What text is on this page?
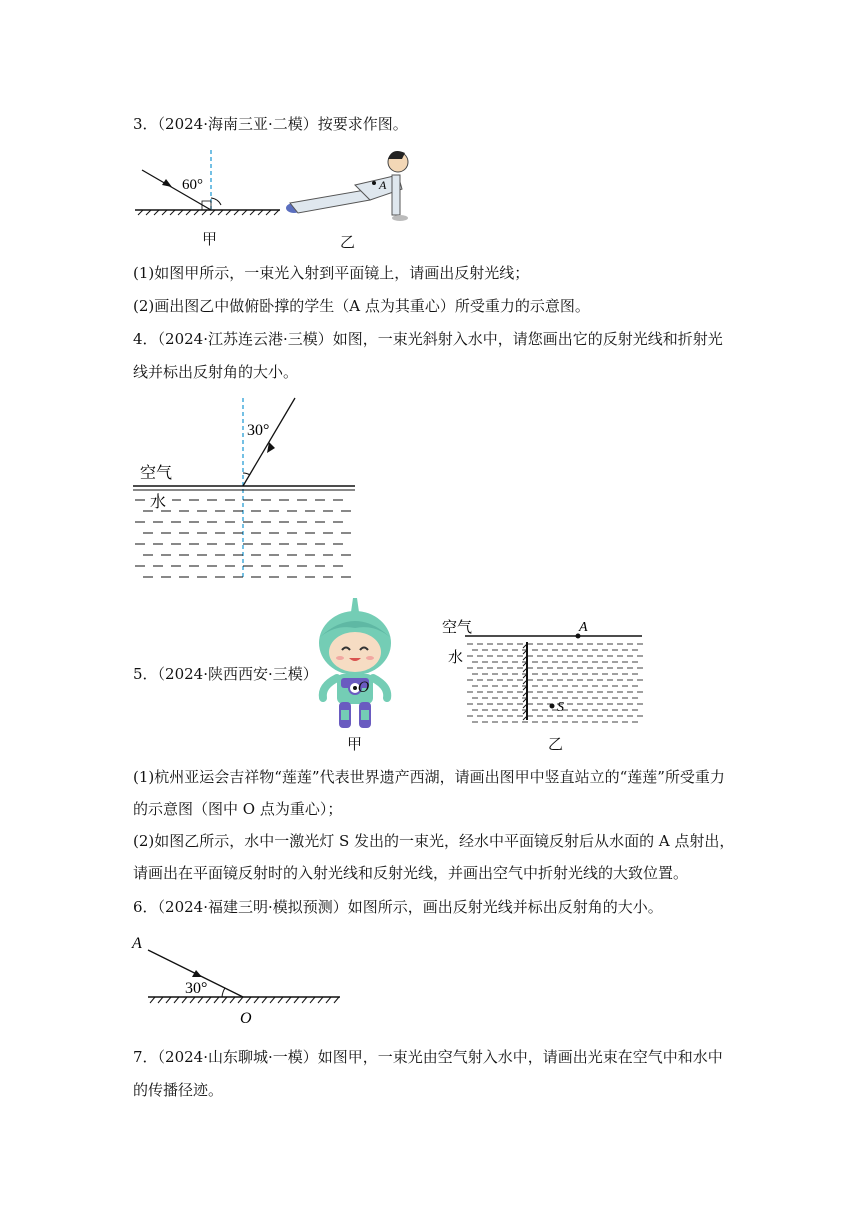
3．（2024·海南三亚·二模）按要求作图。
60°	A
甲	乙
(1)如图甲所示，一束光入射到平面镜上，请画出反射光线；
(2)画出图乙中做俯卧撑的学生（A 点为其重心）所受重力的示意图。
4．（2024·江苏连云港·三模）如图，一束光斜射入水中，请您画出它的反射光线和折射光
线并标出反射角的大小。
30°
空气
水
5．（2024·陕西西安·三模）
O
甲
空气
水
A
S
乙
(1)杭州亚运会吉祥物“莲莲”代表世界遗产西湖，请画出图甲中竖直站立的“莲莲”所受重力
的示意图（图中 O 点为重心）；
(2)如图乙所示，水中一激光灯 S 发出的一束光，经水中平面镜反射后从水面的 A 点射出，
请画出在平面镜反射时的入射光线和反射光线，并画出空气中折射光线的大致位置。
6．（2024·福建三明·模拟预测）如图所示，画出反射光线并标出反射角的大小。
A
30°
O
7．（2024·山东聊城·一模）如图甲，一束光由空气射入水中，请画出光束在空气中和水中
的传播径迹。
